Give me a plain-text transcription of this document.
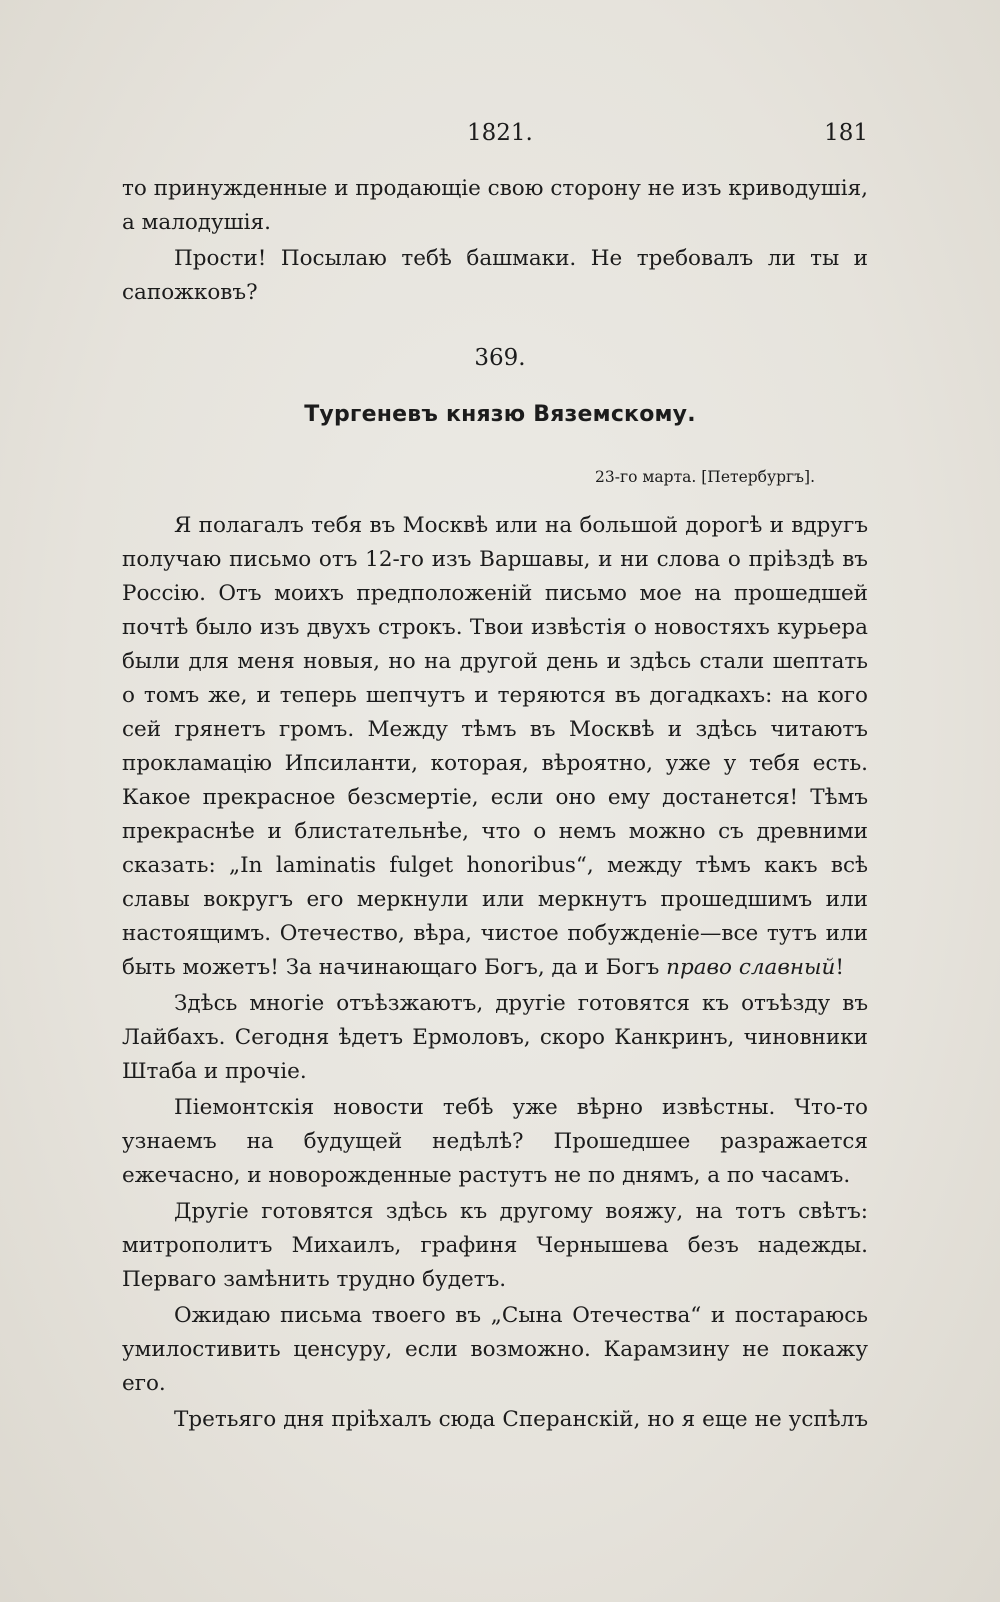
1821.	181

то принужденные и продающіе свою сторону не изъ криводушія, а малодушія.

Прости! Посылаю тебѣ башмаки. Не требовалъ ли ты и сапожковъ?

369.
Тургеневъ князю Вяземскому.
23-го марта. [Петербургъ].

Я полагалъ тебя въ Москвѣ или на большой дорогѣ и вдругъ получаю письмо отъ 12-го изъ Варшавы, и ни слова о пріѣздѣ въ Россію. Отъ моихъ предположеній письмо мое на прошедшей почтѣ было изъ двухъ строкъ. Твои извѣстія о новостяхъ курьера были для меня новыя, но на другой день и здѣсь стали шептать о томъ же, и теперь шепчутъ и теряются въ догадкахъ: на кого сей грянетъ громъ. Между тѣмъ въ Москвѣ и здѣсь читаютъ прокламацію Ипсиланти, которая, вѣроятно, уже у тебя есть. Какое прекрасное безсмертіе, если оно ему достанется! Тѣмъ прекраснѣе и блистательнѣе, что о немъ можно съ древними сказать: „In laminatis fulget honoribus“, между тѣмъ какъ всѣ славы вокругъ его меркнули или меркнутъ прошедшимъ или настоящимъ. Отечество, вѣра, чистое побужденіе—все тутъ или быть можетъ! За начинающаго Богъ, да и Богъ право славный!

Здѣсь многіе отъѣзжаютъ, другіе готовятся къ отъѣзду въ Лайбахъ. Сегодня ѣдетъ Ермоловъ, скоро Канкринъ, чиновники Штаба и прочіе.

Піемонтскія новости тебѣ уже вѣрно извѣстны. Что-то узнаемъ на будущей недѣлѣ? Прошедшее разражается ежечасно, и новорожденные растутъ не по днямъ, а по часамъ.

Другіе готовятся здѣсь къ другому вояжу, на тотъ свѣтъ: митрополитъ Михаилъ, графиня Чернышева безъ надежды. Перваго замѣнить трудно будетъ.

Ожидаю письма твоего въ „Сына Отечества“ и постараюсь умилостивить ценсуру, если возможно. Карамзину не покажу его.

Третьяго дня пріѣхалъ сюда Сперанскій, но я еще не успѣлъ
